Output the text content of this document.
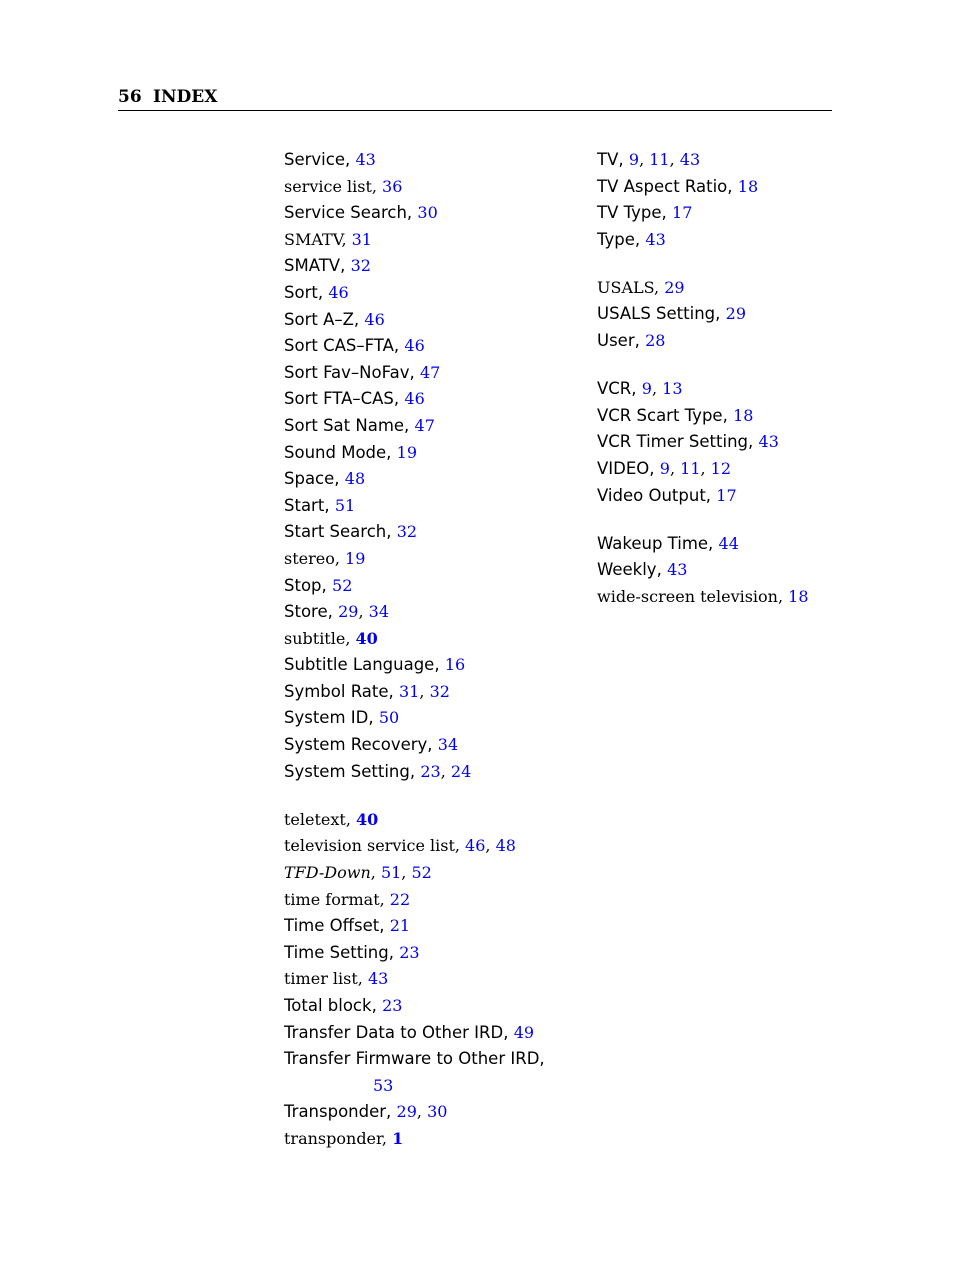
56 INDEX
Service, 43
service list, 36
Service Search, 30
SMATV, 31
SMATV, 32
Sort, 46
Sort A–Z, 46
Sort CAS–FTA, 46
Sort Fav–NoFav, 47
Sort FTA–CAS, 46
Sort Sat Name, 47
Sound Mode, 19
Space, 48
Start, 51
Start Search, 32
stereo, 19
Stop, 52
Store, 29, 34
subtitle, 40
Subtitle Language, 16
Symbol Rate, 31, 32
System ID, 50
System Recovery, 34
System Setting, 23, 24
teletext, 40
television service list, 46, 48
TFD-Down, 51, 52
time format, 22
Time Offset, 21
Time Setting, 23
timer list, 43
Total block, 23
Transfer Data to Other IRD, 49
Transfer Firmware to Other IRD,
53
Transponder, 29, 30
transponder, 1
TV, 9, 11, 43
TV Aspect Ratio, 18
TV Type, 17
Type, 43
USALS, 29
USALS Setting, 29
User, 28
VCR, 9, 13
VCR Scart Type, 18
VCR Timer Setting, 43
VIDEO, 9, 11, 12
Video Output, 17
Wakeup Time, 44
Weekly, 43
wide-screen television, 18
